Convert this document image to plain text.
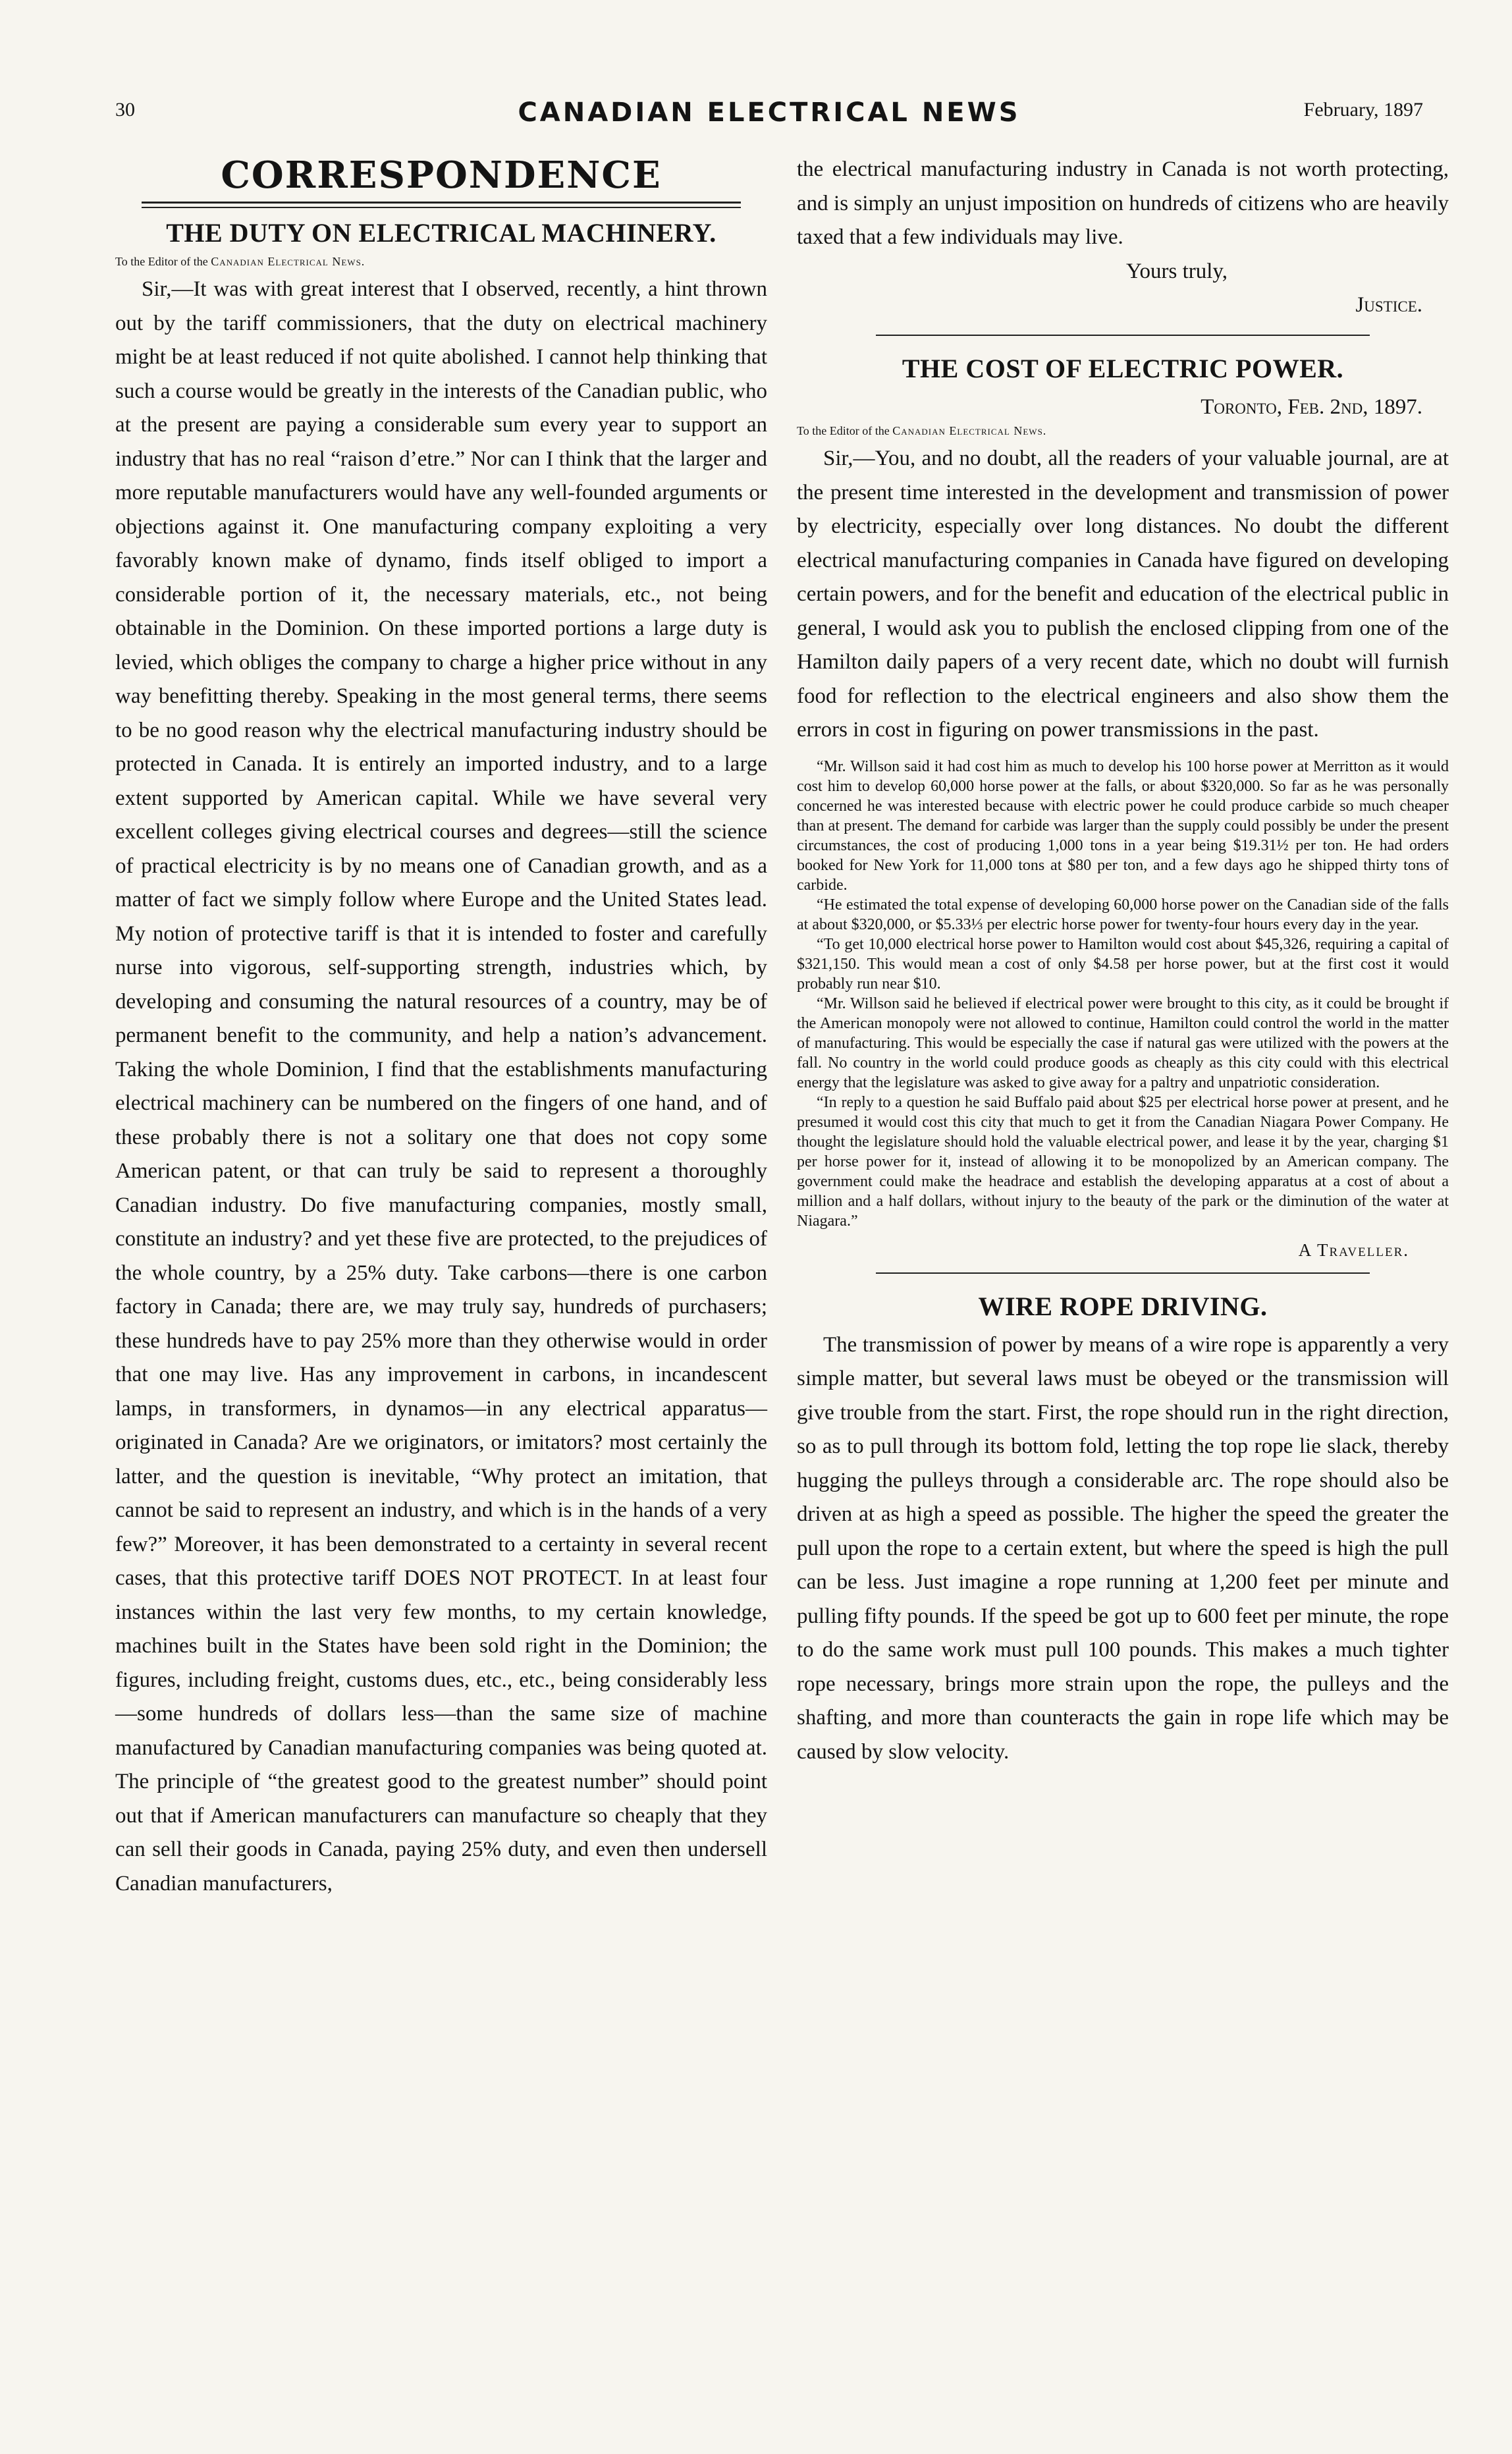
30	CANADIAN ELECTRICAL NEWS	February, 1897
CORRESPONDENCE
THE DUTY ON ELECTRICAL MACHINERY.
To the Editor of the Canadian Electrical News.

Sir,—It was with great interest that I observed, recently, a hint thrown out by the tariff commissioners, that the duty on electrical machinery might be at least reduced if not quite abolished. I cannot help thinking that such a course would be greatly in the interests of the Canadian public, who at the present are paying a considerable sum every year to support an industry that has no real “raison d’etre.” Nor can I think that the larger and more reputable manufacturers would have any well-founded arguments or objections against it. One manufacturing company exploiting a very favorably known make of dynamo, finds itself obliged to import a considerable portion of it, the necessary materials, etc., not being obtainable in the Dominion. On these imported portions a large duty is levied, which obliges the company to charge a higher price without in any way benefitting thereby. Speaking in the most general terms, there seems to be no good reason why the electrical manufacturing industry should be protected in Canada. It is entirely an imported industry, and to a large extent supported by American capital. While we have several very excellent colleges giving electrical courses and degrees—still the science of practical electricity is by no means one of Canadian growth, and as a matter of fact we simply follow where Europe and the United States lead. My notion of protective tariff is that it is intended to foster and carefully nurse into vigorous, self-supporting strength, industries which, by developing and consuming the natural resources of a country, may be of permanent benefit to the community, and help a nation’s advancement. Taking the whole Dominion, I find that the establishments manufacturing electrical machinery can be numbered on the fingers of one hand, and of these probably there is not a solitary one that does not copy some American patent, or that can truly be said to represent a thoroughly Canadian industry. Do five manufacturing companies, mostly small, constitute an industry? and yet these five are protected, to the prejudices of the whole country, by a 25% duty. Take carbons—there is one carbon factory in Canada; there are, we may truly say, hundreds of purchasers; these hundreds have to pay 25% more than they otherwise would in order that one may live. Has any improvement in carbons, in incandescent lamps, in transformers, in dynamos—in any electrical apparatus—originated in Canada? Are we originators, or imitators? most certainly the latter, and the question is inevitable, “Why protect an imitation, that cannot be said to represent an industry, and which is in the hands of a very few?” Moreover, it has been demonstrated to a certainty in several recent cases, that this protective tariff DOES NOT PROTECT. In at least four instances within the last very few months, to my certain knowledge, machines built in the States have been sold right in the Dominion; the figures, including freight, customs dues, etc., etc., being considerably less—some hundreds of dollars less—than the same size of machine manufactured by Canadian manufacturing companies was being quoted at. The principle of “the greatest good to the greatest number” should point out that if American manufacturers can manufacture so cheaply that they can sell their goods in Canada, paying 25% duty, and even then undersell Canadian manufacturers,

the electrical manufacturing industry in Canada is not worth protecting, and is simply an unjust imposition on hundreds of citizens who are heavily taxed that a few individuals may live.

Yours truly,
Justice.
THE COST OF ELECTRIC POWER.
Toronto, Feb. 2nd, 1897.
To the Editor of the Canadian Electrical News.

Sir,—You, and no doubt, all the readers of your valuable journal, are at the present time interested in the development and transmission of power by electricity, especially over long distances. No doubt the different electrical manufacturing companies in Canada have figured on developing certain powers, and for the benefit and education of the electrical public in general, I would ask you to publish the enclosed clipping from one of the Hamilton daily papers of a very recent date, which no doubt will furnish food for reflection to the electrical engineers and also show them the errors in cost in figuring on power transmissions in the past.

“Mr. Willson said it had cost him as much to develop his 100 horse power at Merritton as it would cost him to develop 60,000 horse power at the falls, or about $320,000. So far as he was personally concerned he was interested because with electric power he could produce carbide so much cheaper than at present. The demand for carbide was larger than the supply could possibly be under the present circumstances, the cost of producing 1,000 tons in a year being $19.31½ per ton. He had orders booked for New York for 11,000 tons at $80 per ton, and a few days ago he shipped thirty tons of carbide.

“He estimated the total expense of developing 60,000 horse power on the Canadian side of the falls at about $320,000, or $5.33⅓ per electric horse power for twenty-four hours every day in the year.

“To get 10,000 electrical horse power to Hamilton would cost about $45,326, requiring a capital of $321,150. This would mean a cost of only $4.58 per horse power, but at the first cost it would probably run near $10.

“Mr. Willson said he believed if electrical power were brought to this city, as it could be brought if the American monopoly were not allowed to continue, Hamilton could control the world in the matter of manufacturing. This would be especially the case if natural gas were utilized with the powers at the fall. No country in the world could produce goods as cheaply as this city could with this electrical energy that the legislature was asked to give away for a paltry and unpatriotic consideration.

“In reply to a question he said Buffalo paid about $25 per electrical horse power at present, and he presumed it would cost this city that much to get it from the Canadian Niagara Power Company. He thought the legislature should hold the valuable electrical power, and lease it by the year, charging $1 per horse power for it, instead of allowing it to be monopolized by an American company. The government could make the headrace and establish the developing apparatus at a cost of about a million and a half dollars, without injury to the beauty of the park or the diminution of the water at Niagara.”

A Traveller.
WIRE ROPE DRIVING.

The transmission of power by means of a wire rope is apparently a very simple matter, but several laws must be obeyed or the transmission will give trouble from the start. First, the rope should run in the right direction, so as to pull through its bottom fold, letting the top rope lie slack, thereby hugging the pulleys through a considerable arc. The rope should also be driven at as high a speed as possible. The higher the speed the greater the pull upon the rope to a certain extent, but where the speed is high the pull can be less. Just imagine a rope running at 1,200 feet per minute and pulling fifty pounds. If the speed be got up to 600 feet per minute, the rope to do the same work must pull 100 pounds. This makes a much tighter rope necessary, brings more strain upon the rope, the pulleys and the shafting, and more than counteracts the gain in rope life which may be caused by slow velocity.
